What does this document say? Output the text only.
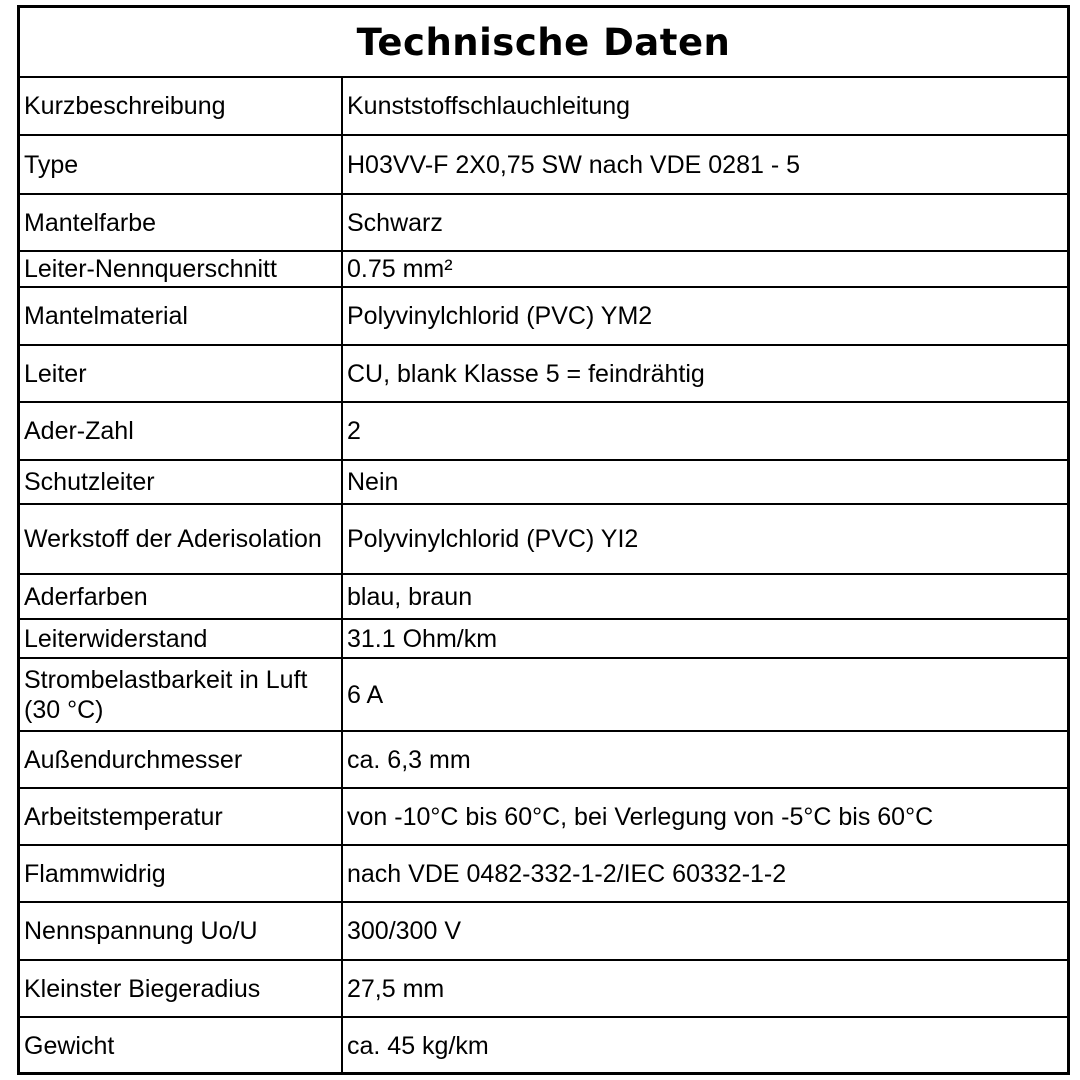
Technische Daten
Kurzbeschreibung	Kunststoffschlauchleitung
Type	H03VV-F 2X0,75 SW nach VDE 0281 - 5
Mantelfarbe	Schwarz
Leiter-Nennquerschnitt	0.75 mm²
Mantelmaterial	Polyvinylchlorid (PVC) YM2
Leiter	CU, blank Klasse 5 = feindrähtig
Ader-Zahl	2
Schutzleiter	Nein
Werkstoff der Aderisolation	Polyvinylchlorid (PVC) YI2
Aderfarben	blau, braun
Leiterwiderstand	31.1 Ohm/km
Strombelastbarkeit in Luft (30 °C)	6 A
Außendurchmesser	ca. 6,3 mm
Arbeitstemperatur	von -10°C bis 60°C, bei Verlegung von -5°C bis 60°C
Flammwidrig	nach VDE 0482-332-1-2/IEC 60332-1-2
Nennspannung Uo/U	300/300 V
Kleinster Biegeradius	27,5 mm
Gewicht	ca. 45 kg/km
